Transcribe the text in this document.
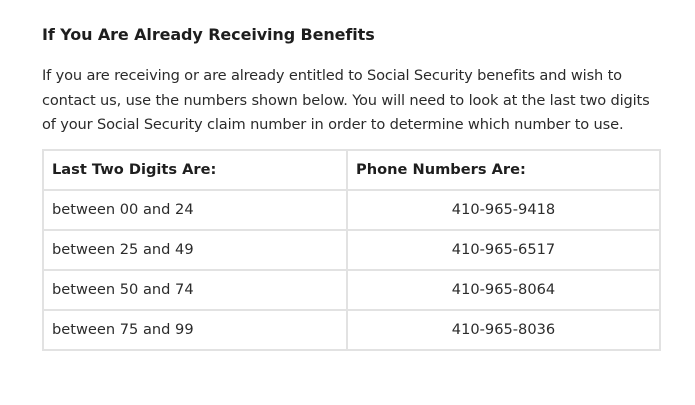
If You Are Already Receiving Benefits

If you are receiving or are already entitled to Social Security benefits and wish to
contact us, use the numbers shown below. You will need to look at the last two digits
of your Social Security claim number in order to determine which number to use.

Last Two Digits Are:	Phone Numbers Are:
between 00 and 24	410-965-9418
between 25 and 49	410-965-6517
between 50 and 74	410-965-8064
between 75 and 99	410-965-8036
